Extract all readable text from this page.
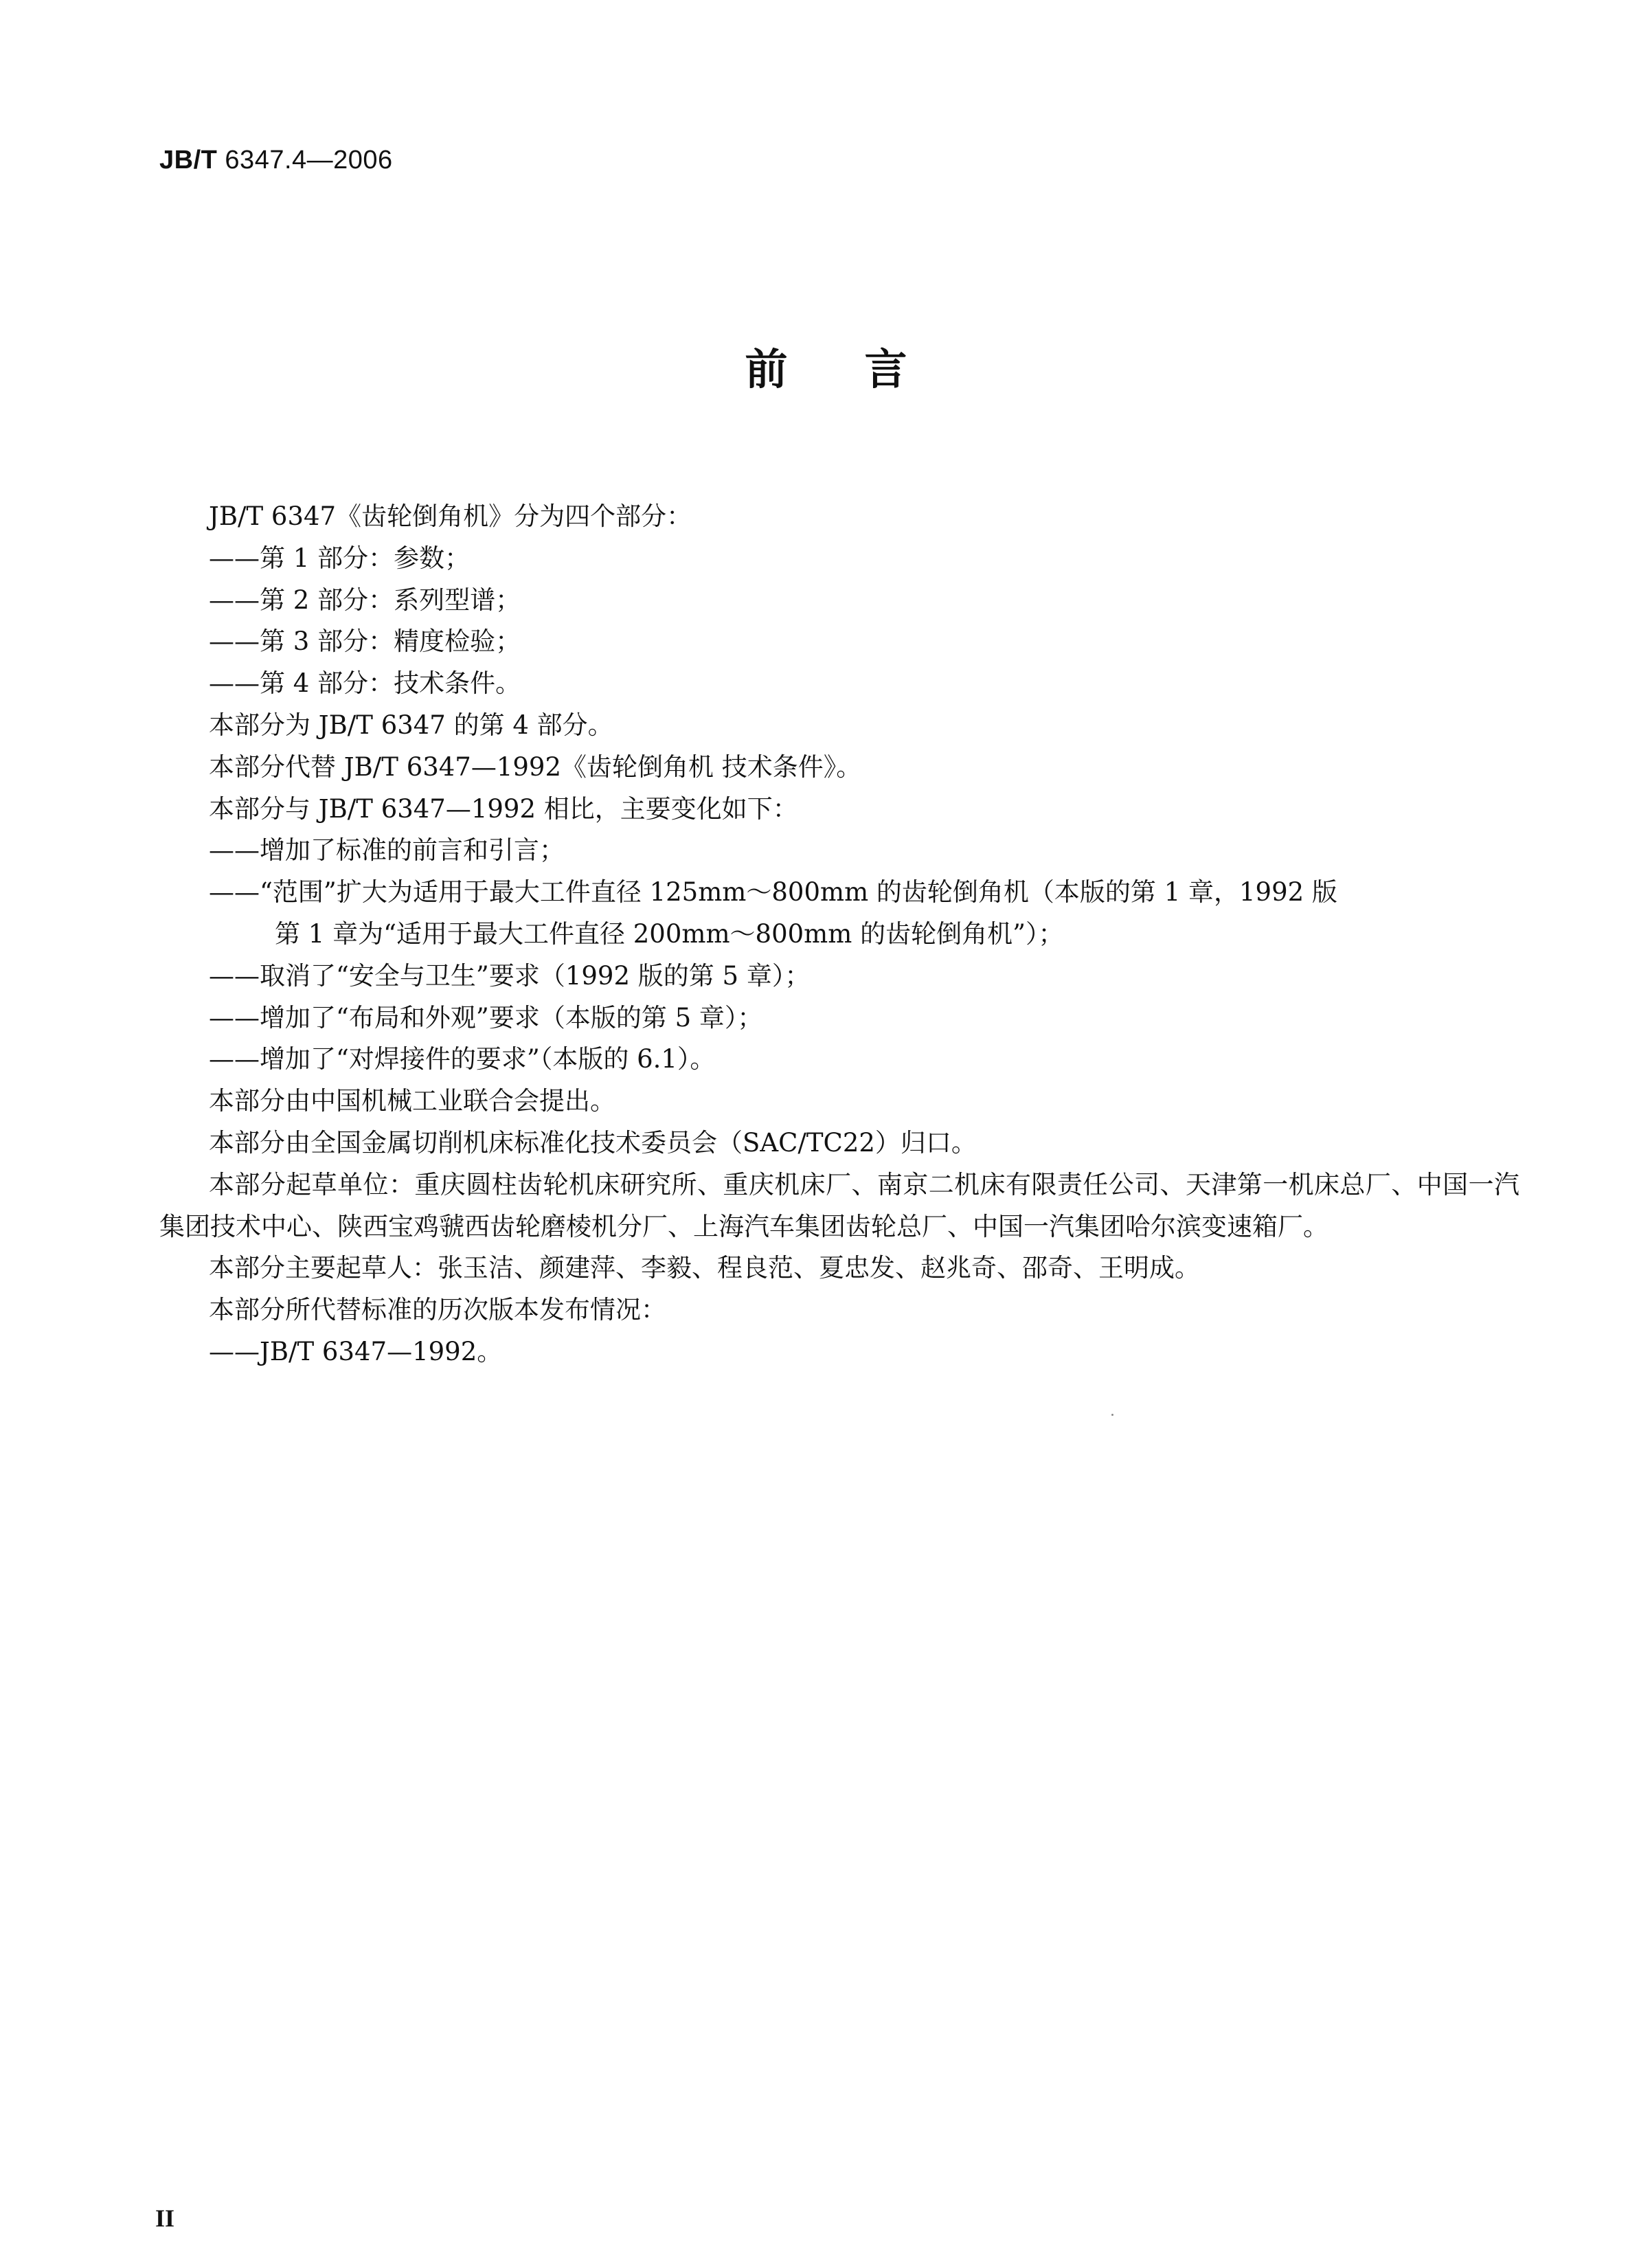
JB/T 6347.4—2006
前言
JB/T 6347《齿轮倒角机》分为四个部分：
——第 1 部分：参数；
——第 2 部分：系列型谱；
——第 3 部分：精度检验；
——第 4 部分：技术条件。
本部分为 JB/T 6347 的第 4 部分。
本部分代替 JB/T 6347—1992《齿轮倒角机 技术条件》。
本部分与 JB/T 6347—1992 相比，主要变化如下：
——增加了标准的前言和引言；
——“范围”扩大为适用于最大工件直径 125mm～800mm 的齿轮倒角机（本版的第 1 章，1992 版
第 1 章为“适用于最大工件直径 200mm～800mm 的齿轮倒角机”）；
——取消了“安全与卫生”要求（1992 版的第 5 章）；
——增加了“布局和外观”要求（本版的第 5 章）；
——增加了“对焊接件的要求”（本版的 6.1）。
本部分由中国机械工业联合会提出。
本部分由全国金属切削机床标准化技术委员会（SAC/TC22）归口。
本部分起草单位：重庆圆柱齿轮机床研究所、重庆机床厂、南京二机床有限责任公司、天津第一机床总厂、中国一汽集团技术中心、陕西宝鸡虢西齿轮磨棱机分厂、上海汽车集团齿轮总厂、中国一汽集团哈尔滨变速箱厂。
本部分主要起草人：张玉洁、颜建萍、李毅、程良范、夏忠发、赵兆奇、邵奇、王明成。
本部分所代替标准的历次版本发布情况：
——JB/T 6347—1992。
II
